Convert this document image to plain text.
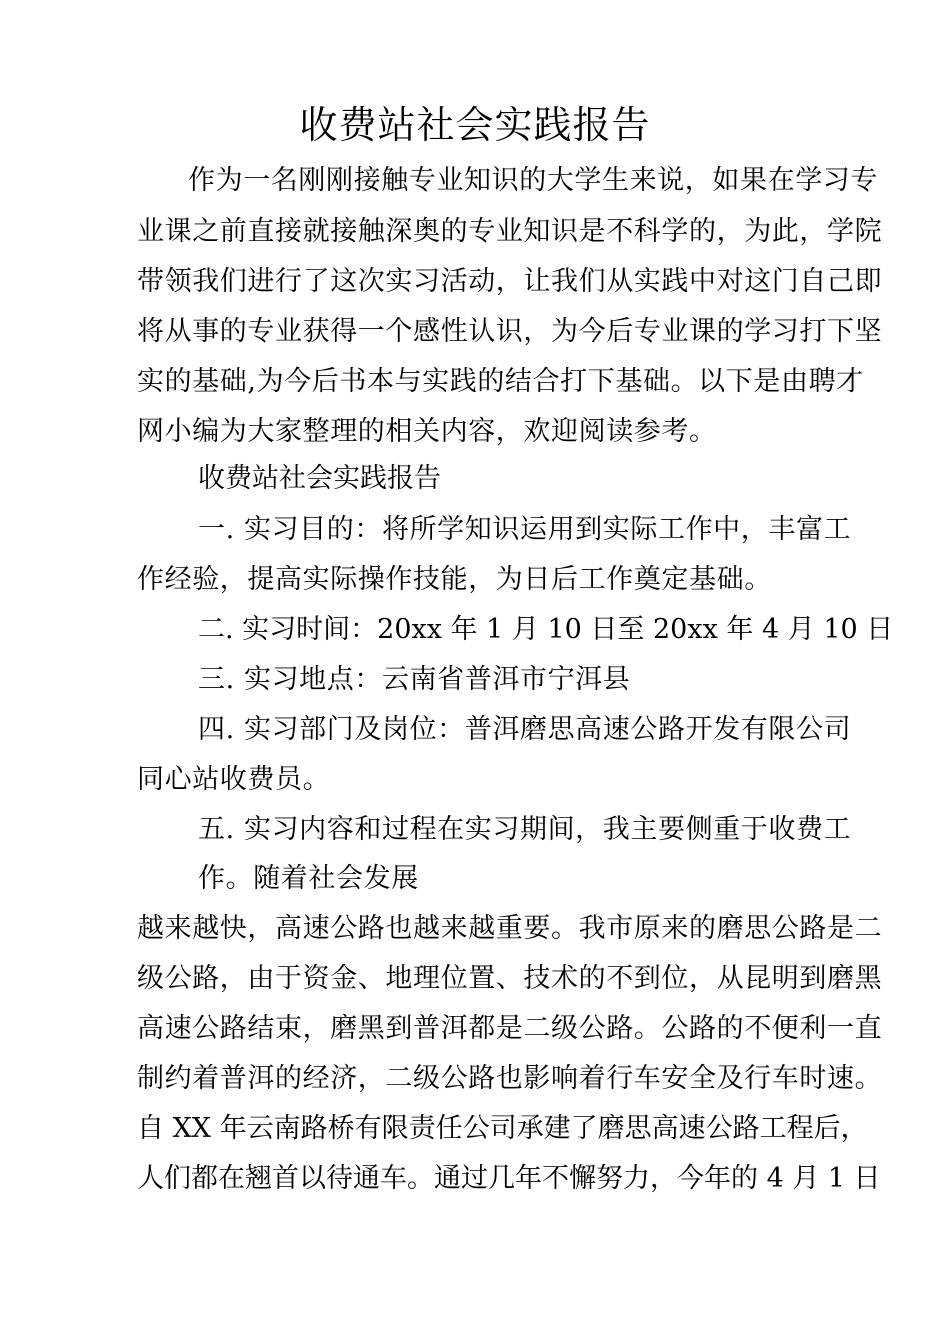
收费站社会实践报告
作为一名刚刚接触专业知识的大学生来说，如果在学习专
业课之前直接就接触深奥的专业知识是不科学的，为此，学院
带领我们进行了这次实习活动，让我们从实践中对这门自己即
将从事的专业获得一个感性认识，为今后专业课的学习打下坚
实的基础,为今后书本与实践的结合打下基础。以下是由聘才
网小编为大家整理的相关内容，欢迎阅读参考。
收费站社会实践报告
一. 实习目的：将所学知识运用到实际工作中，丰富工
作经验，提高实际操作技能，为日后工作奠定基础。
二. 实习时间：20xx 年 1 月 10 日至 20xx 年 4 月 10 日
三. 实习地点：云南省普洱市宁洱县
四. 实习部门及岗位：普洱磨思高速公路开发有限公司
同心站收费员。
五. 实习内容和过程在实习期间，我主要侧重于收费工
作。随着社会发展
越来越快，高速公路也越来越重要。我市原来的磨思公路是二
级公路，由于资金、地理位置、技术的不到位，从昆明到磨黑
高速公路结束，磨黑到普洱都是二级公路。公路的不便利一直
制约着普洱的经济，二级公路也影响着行车安全及行车时速。
自 XX 年云南路桥有限责任公司承建了磨思高速公路工程后，
人们都在翘首以待通车。通过几年不懈努力，今年的 4 月 1 日
